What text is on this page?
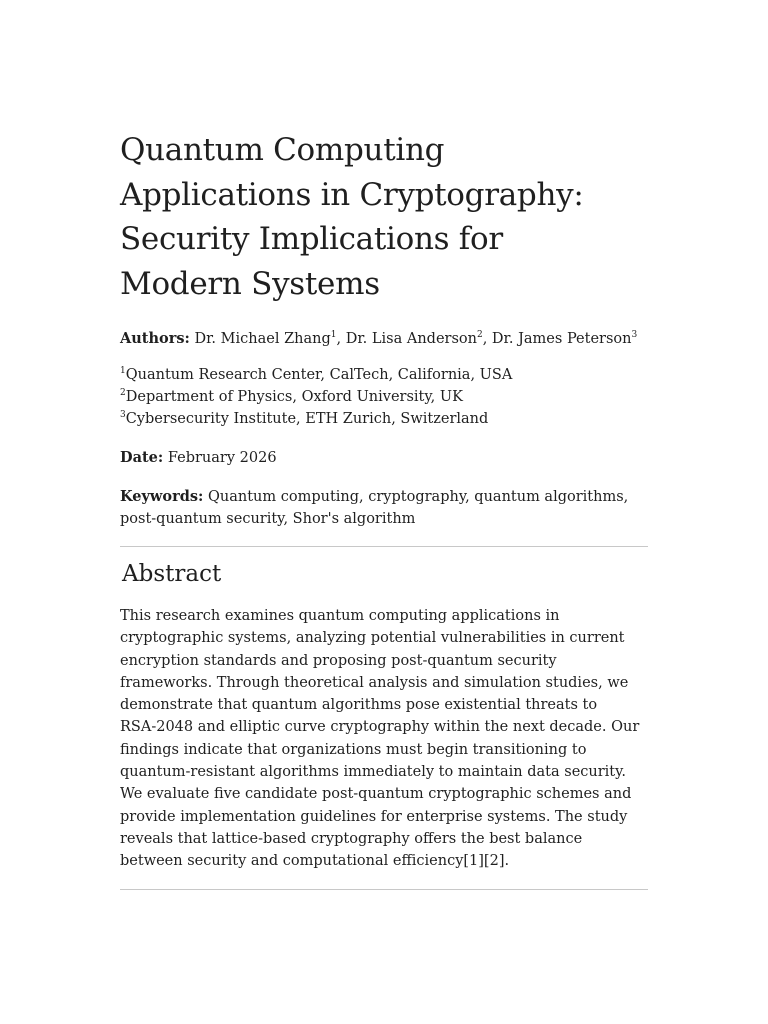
Quantum Computing
Applications in Cryptography:
Security Implications for
Modern Systems
Authors: Dr. Michael Zhang$^1$, Dr. Lisa Anderson$^2$, Dr. James Peterson$^3$
$^1$Quantum Research Center, CalTech, California, USA
$^2$Department of Physics, Oxford University, UK
$^3$Cybersecurity Institute, ETH Zurich, Switzerland
Date: February 2026
Keywords: Quantum computing, cryptography, quantum algorithms, post-quantum security, Shor's algorithm
Abstract
This research examines quantum computing applications in
cryptographic systems, analyzing potential vulnerabilities in current
encryption standards and proposing post-quantum security
frameworks. Through theoretical analysis and simulation studies, we
demonstrate that quantum algorithms pose existential threats to
RSA-2048 and elliptic curve cryptography within the next decade. Our
findings indicate that organizations must begin transitioning to
quantum-resistant algorithms immediately to maintain data security.
We evaluate five candidate post-quantum cryptographic schemes and
provide implementation guidelines for enterprise systems. The study
reveals that lattice-based cryptography offers the best balance
between security and computational efficiency[1][2].
